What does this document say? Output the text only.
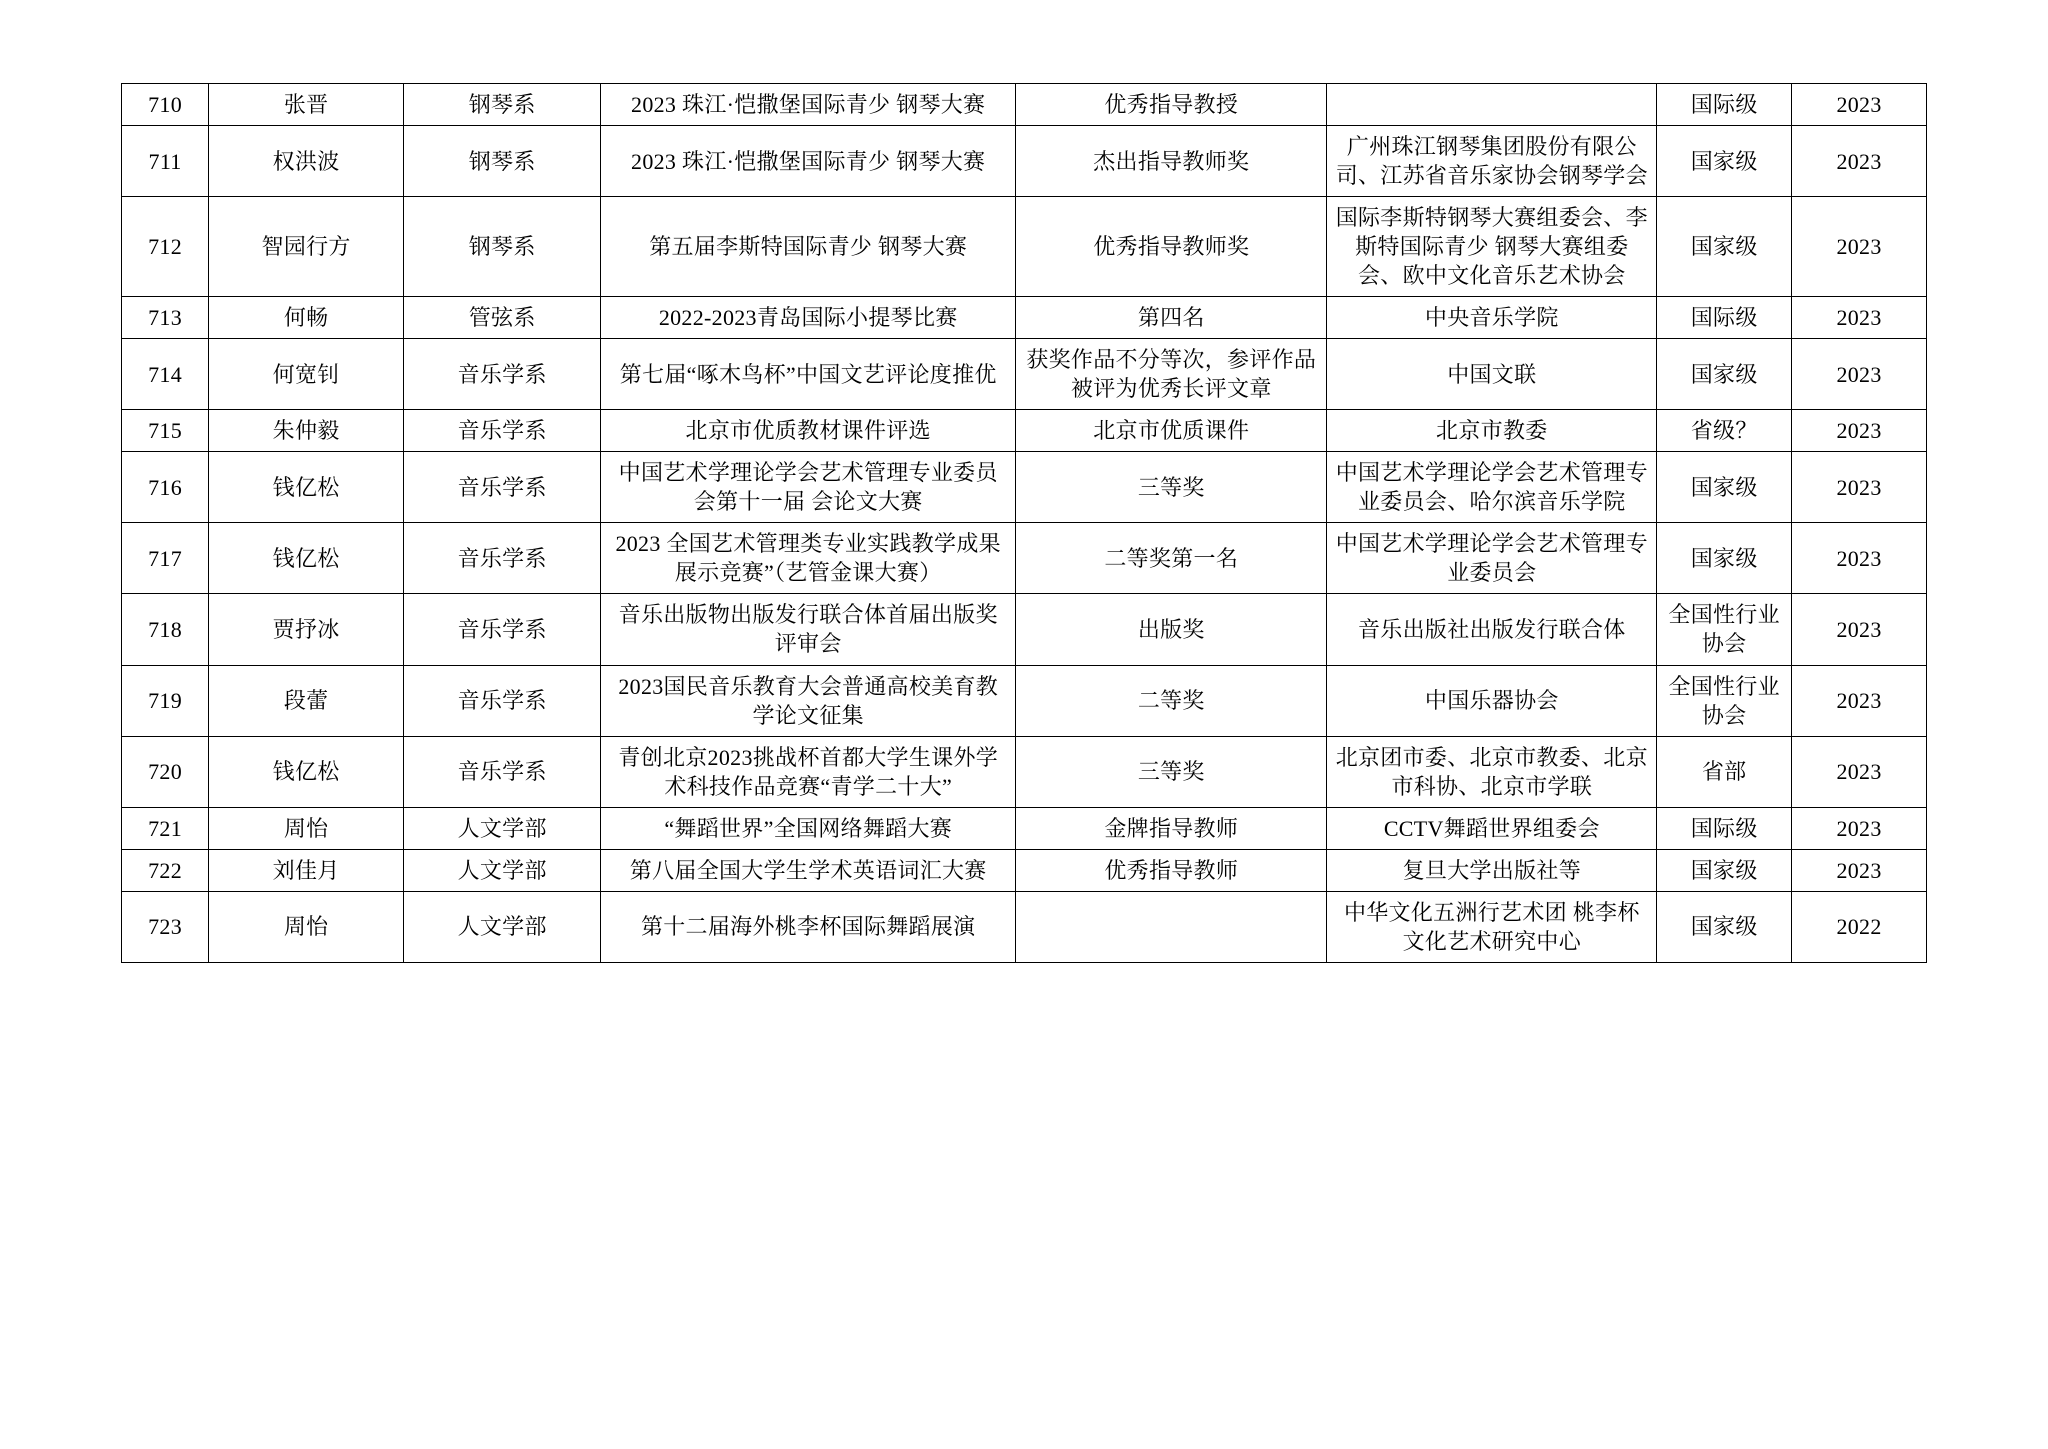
710	张晋	钢琴系	2023 珠江·恺撒堡国际青少 钢琴大赛	优秀指导教授		国际级	2023
711	权洪波	钢琴系	2023 珠江·恺撒堡国际青少 钢琴大赛	杰出指导教师奖	广州珠江钢琴集团股份有限公司、江苏省音乐家协会钢琴学会	国家级	2023
712	智园行方	钢琴系	第五届李斯特国际青少 钢琴大赛	优秀指导教师奖	国际李斯特钢琴大赛组委会、李斯特国际青少 钢琴大赛组委会、欧中文化音乐艺术协会	国家级	2023
713	何畅	管弦系	2022-2023青岛国际小提琴比赛	第四名	中央音乐学院	国际级	2023
714	何宽钊	音乐学系	第七届“啄木鸟杯”中国文艺评论度推优	获奖作品不分等次，参评作品被评为优秀长评文章	中国文联	国家级	2023
715	朱仲毅	音乐学系	北京市优质教材课件评选	北京市优质课件	北京市教委	省级？	2023
716	钱亿松	音乐学系	中国艺术学理论学会艺术管理专业委员会第十一届 会论文大赛	三等奖	中国艺术学理论学会艺术管理专业委员会、哈尔滨音乐学院	国家级	2023
717	钱亿松	音乐学系	2023 全国艺术管理类专业实践教学成果展示竞赛”（艺管金课大赛）	二等奖第一名	中国艺术学理论学会艺术管理专业委员会	国家级	2023
718	贾抒冰	音乐学系	音乐出版物出版发行联合体首届出版奖评审会	出版奖	音乐出版社出版发行联合体	全国性行业协会	2023
719	段蕾	音乐学系	2023国民音乐教育大会普通高校美育教学论文征集	二等奖	中国乐器协会	全国性行业协会	2023
720	钱亿松	音乐学系	青创北京2023挑战杯首都大学生课外学术科技作品竞赛“青学二十大”	三等奖	北京团市委、北京市教委、北京市科协、北京市学联	省部	2023
721	周怡	人文学部	“舞蹈世界”全国网络舞蹈大赛	金牌指导教师	CCTV舞蹈世界组委会	国际级	2023
722	刘佳月	人文学部	第八届全国大学生学术英语词汇大赛	优秀指导教师	复旦大学出版社等	国家级	2023
723	周怡	人文学部	第十二届海外桃李杯国际舞蹈展演		中华文化五洲行艺术团 桃李杯文化艺术研究中心	国家级	2022
